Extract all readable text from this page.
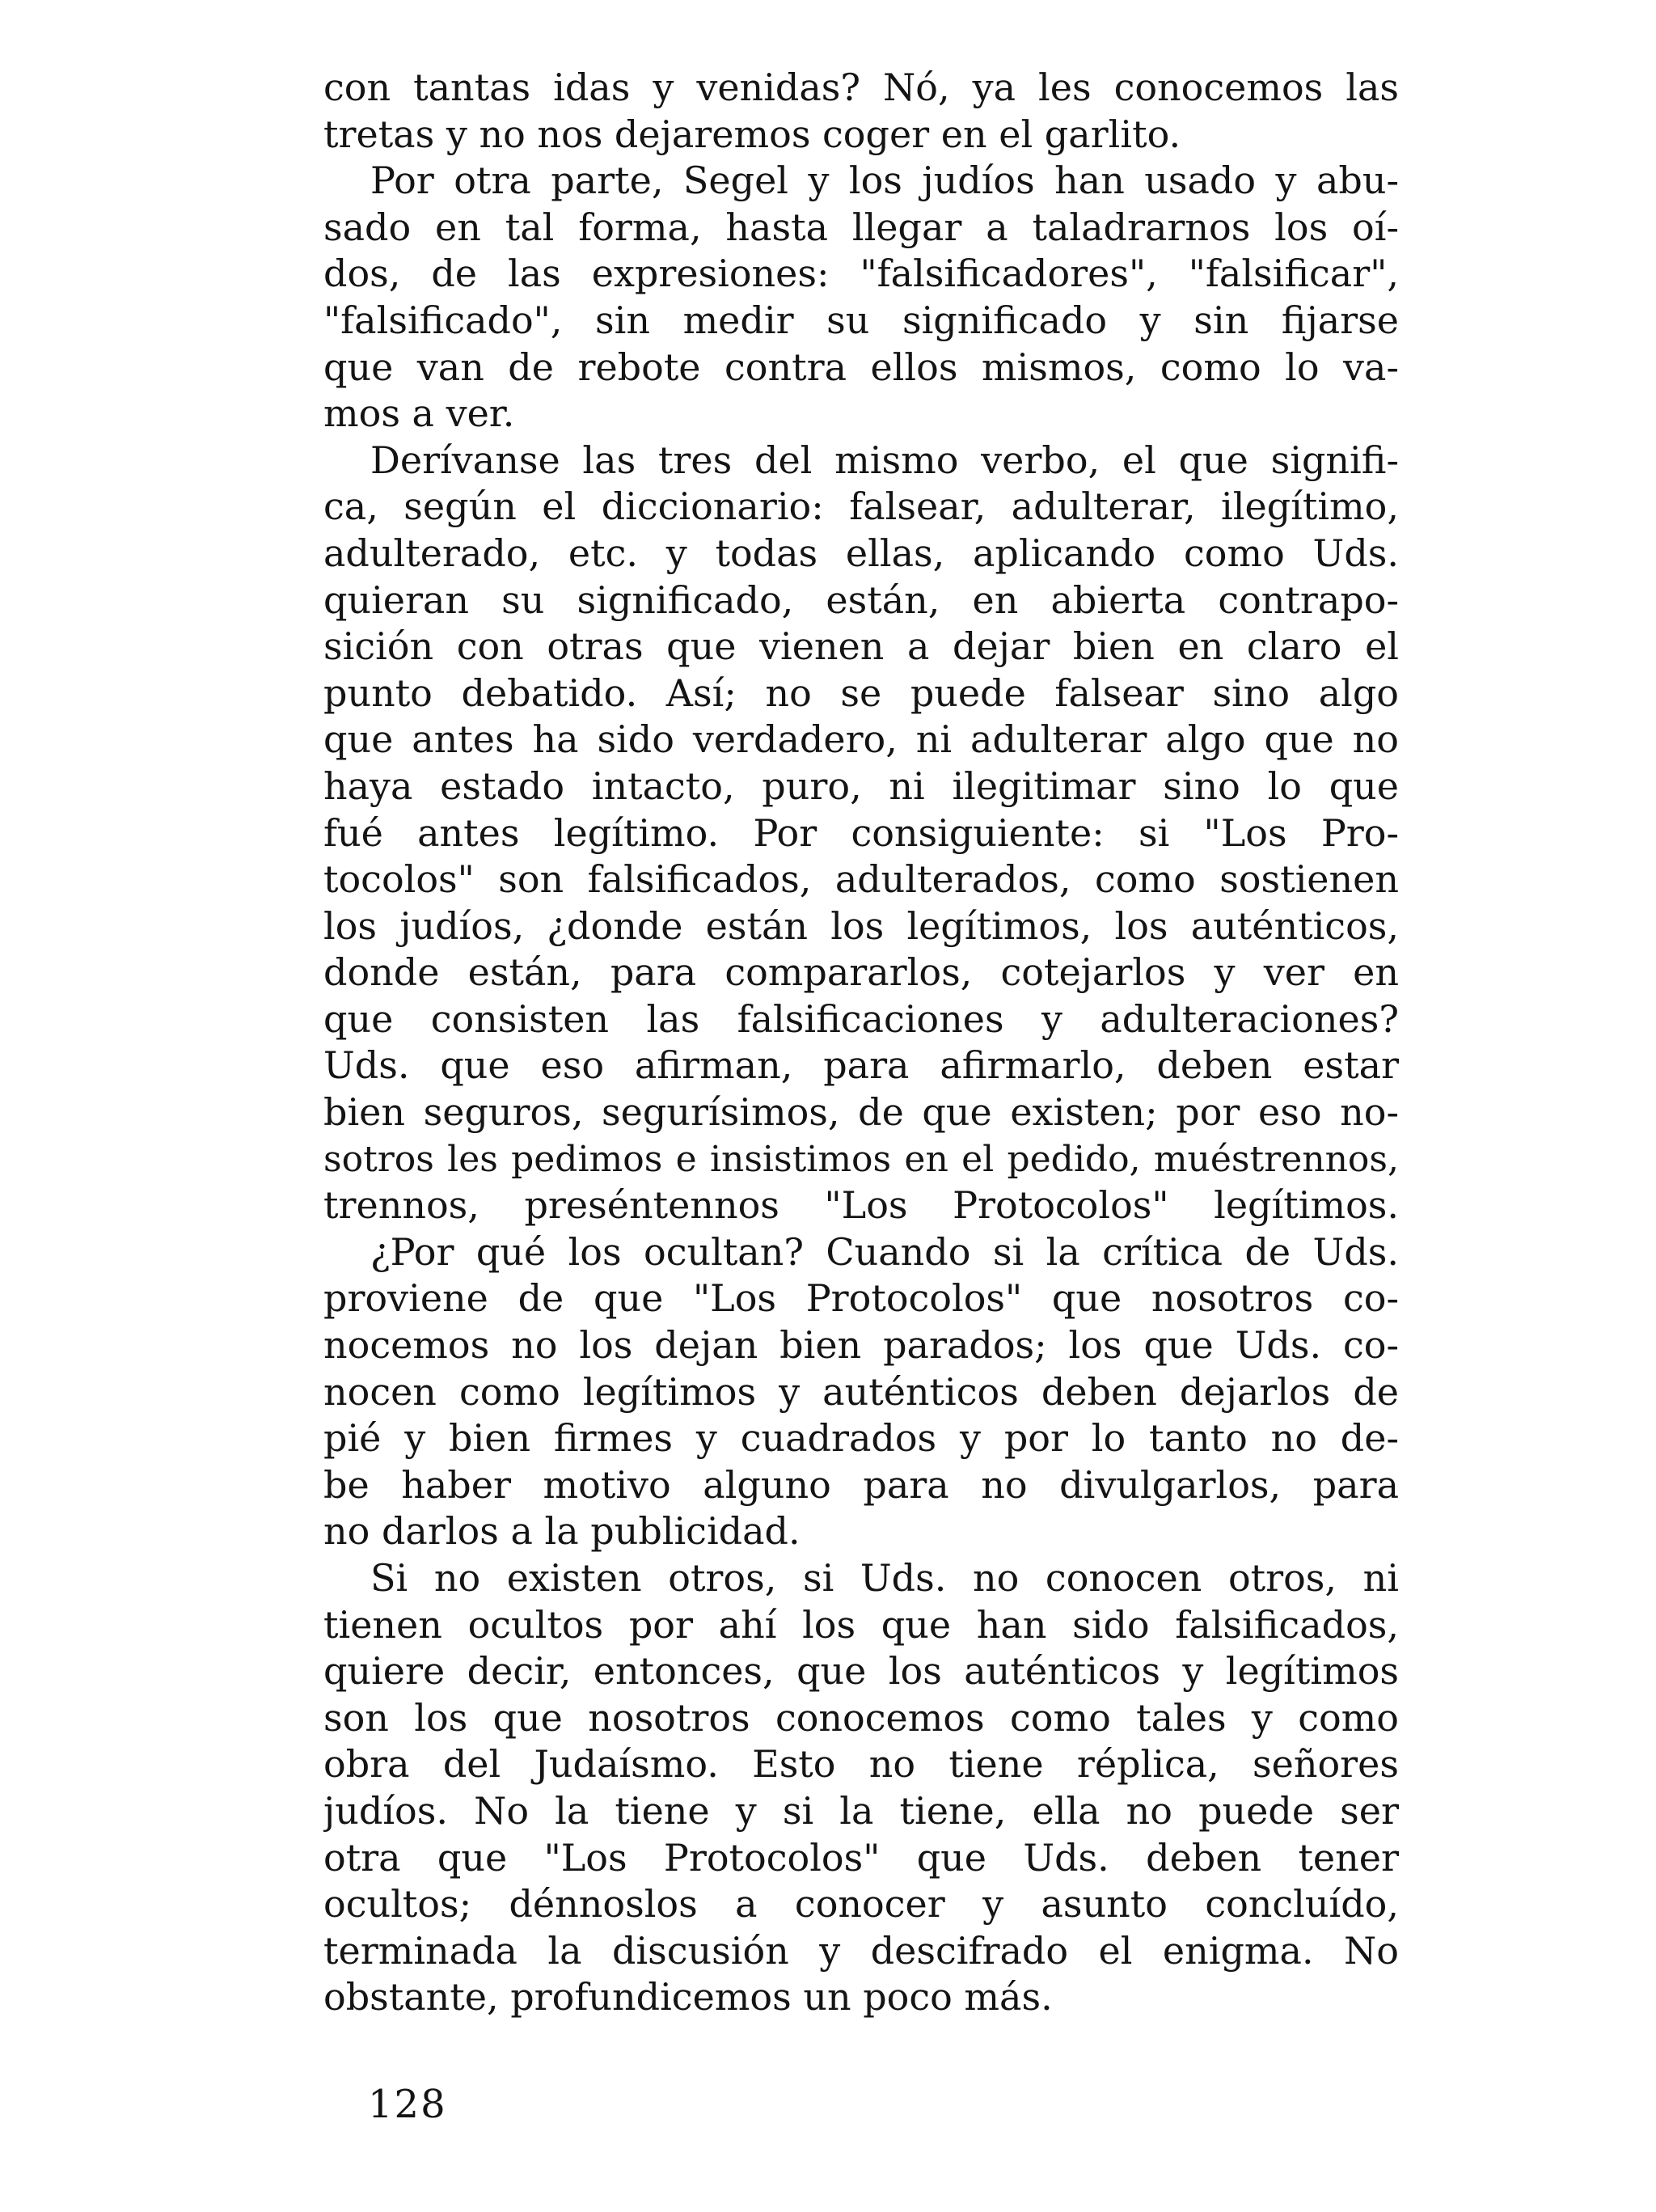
con tantas idas y venidas? Nó, ya les conocemos las
tretas y no nos dejaremos coger en el garlito.
Por otra parte, Segel y los judíos han usado y abu-
sado en tal forma, hasta llegar a taladrarnos los oí-
dos, de las expresiones: "falsificadores", "falsificar",
"falsificado", sin medir su significado y sin fijarse
que van de rebote contra ellos mismos, como lo va-
mos a ver.
Derívanse las tres del mismo verbo, el que signifi-
ca, según el diccionario: falsear, adulterar, ilegítimo,
adulterado, etc. y todas ellas, aplicando como Uds.
quieran su significado, están, en abierta contrapo-
sición con otras que vienen a dejar bien en claro el
punto debatido. Así; no se puede falsear sino algo
que antes ha sido verdadero, ni adulterar algo que no
haya estado intacto, puro, ni ilegitimar sino lo que
fué antes legítimo. Por consiguiente: si "Los Pro-
tocolos" son falsificados, adulterados, como sostienen
los judíos, ¿donde están los legítimos, los auténticos,
donde están, para compararlos, cotejarlos y ver en
que consisten las falsificaciones y adulteraciones?
Uds. que eso afirman, para afirmarlo, deben estar
bien seguros, segurísimos, de que existen; por eso no-
sotros les pedimos e insistimos en el pedido, muéstrennos,
trennos, preséntennos "Los Protocolos" legítimos.
¿Por qué los ocultan? Cuando si la crítica de Uds.
proviene de que "Los Protocolos" que nosotros co-
nocemos no los dejan bien parados; los que Uds. co-
nocen como legítimos y auténticos deben dejarlos de
pié y bien firmes y cuadrados y por lo tanto no de-
be haber motivo alguno para no divulgarlos, para
no darlos a la publicidad.
Si no existen otros, si Uds. no conocen otros, ni
tienen ocultos por ahí los que han sido falsificados,
quiere decir, entonces, que los auténticos y legítimos
son los que nosotros conocemos como tales y como
obra del Judaísmo. Esto no tiene réplica, señores
judíos. No la tiene y si la tiene, ella no puede ser
otra que "Los Protocolos" que Uds. deben tener
ocultos; dénnoslos a conocer y asunto concluído,
terminada la discusión y descifrado el enigma. No
obstante, profundicemos un poco más.
128
